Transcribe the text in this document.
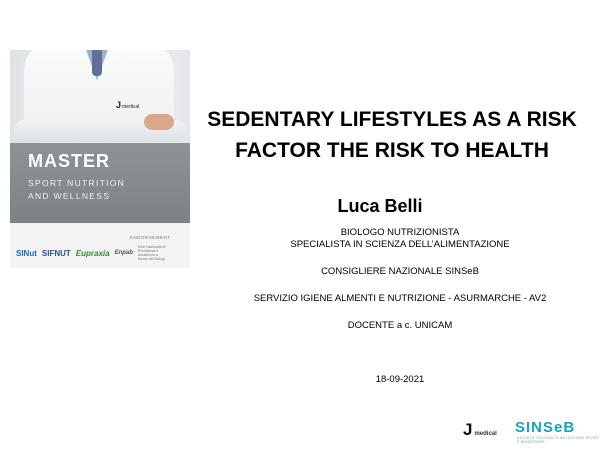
Jmedical
MASTER
SPORT NUTRITION
AND WELLNESS
ENDORSEMENT
SINut SIFNUT Eupraxia Enpab
Ente Nazionale di Previdenza e Assistenza a favore dei Biologi
SEDENTARY LIFESTYLES AS A RISK
FACTOR THE RISK TO HEALTH
Luca Belli
BIOLOGO NUTRIZIONISTA
SPECIALISTA IN SCIENZA DELL’ALIMENTAZIONE
CONSIGLIERE NAZIONALE SINSeB
SERVIZIO IGIENE ALMENTI E NUTRIZIONE - ASURMARCHE - AV2
DOCENTE a c. UNICAM
18-09-2021
J medical SINSeB
SOCIETÀ ITALIANA DI NUTRIZIONE SPORT E BENESSERE
